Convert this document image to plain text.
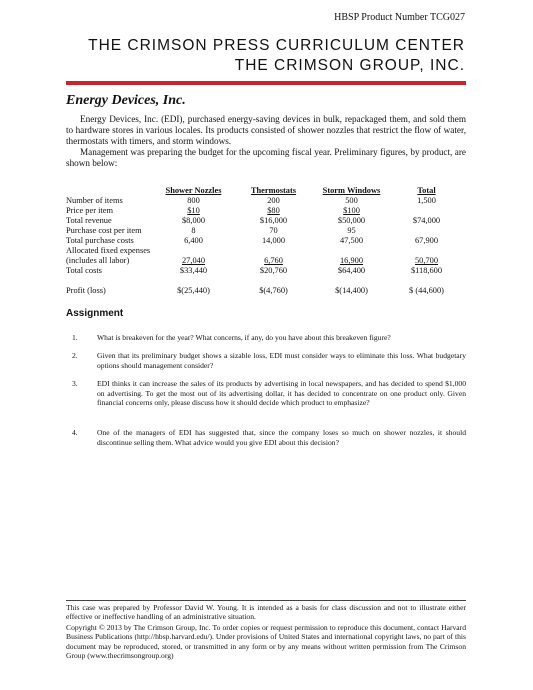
HBSP Product Number TCG027
THE CRIMSON PRESS CURRICULUM CENTER
THE CRIMSON GROUP, INC.
Energy Devices, Inc.
Energy Devices, Inc. (EDI), purchased energy-saving devices in bulk, repackaged them, and sold them to hardware stores in various locales. Its products consisted of shower nozzles that restrict the flow of water, thermostats with timers, and storm windows.
Management was preparing the budget for the upcoming fiscal year. Preliminary figures, by product, are shown below:
	Shower Nozzles	Thermostats	Storm Windows	Total
Number of items	800	200	500	1,500
Price per item	$10	$80	$100	
Total revenue	$8,000	$16,000	$50,000	$74,000
Purchase cost per item	8	70	95	
Total purchase costs	6,400	14,000	47,500	67,900
Allocated fixed expenses				
(includes all labor)	27,040	6,760	16,900	50,700
Total costs	$33,440	$20,760	$64,400	$118,600

Profit (loss)	$(25,440)	$(4,760)	$(14,400)	$ (44,600)
Assignment
1.	What is breakeven for the year? What concerns, if any, do you have about this breakeven figure?
2.	Given that its preliminary budget shows a sizable loss, EDI must consider ways to eliminate this loss. What budgetary options should management consider?
3.	EDI thinks it can increase the sales of its products by advertising in local newspapers, and has decided to spend $1,000 on advertising. To get the most out of its advertising dollar, it has decided to concentrate on one product only. Given financial concerns only, please discuss how it should decide which product to emphasize?
4.	One of the managers of EDI has suggested that, since the company loses so much on shower nozzles, it should discontinue selling them. What advice would you give EDI about this decision?
This case was prepared by Professor David W. Young. It is intended as a basis for class discussion and not to illustrate either effective or ineffective handling of an administrative situation.
Copyright © 2013 by The Crimson Group, Inc. To order copies or request permission to reproduce this document, contact Harvard Business Publications (http://hbsp.harvard.edu/). Under provisions of United States and international copyright laws, no part of this document may be reproduced, stored, or transmitted in any form or by any means without written permission from The Crimson Group (www.thecrimsongroup.org)
